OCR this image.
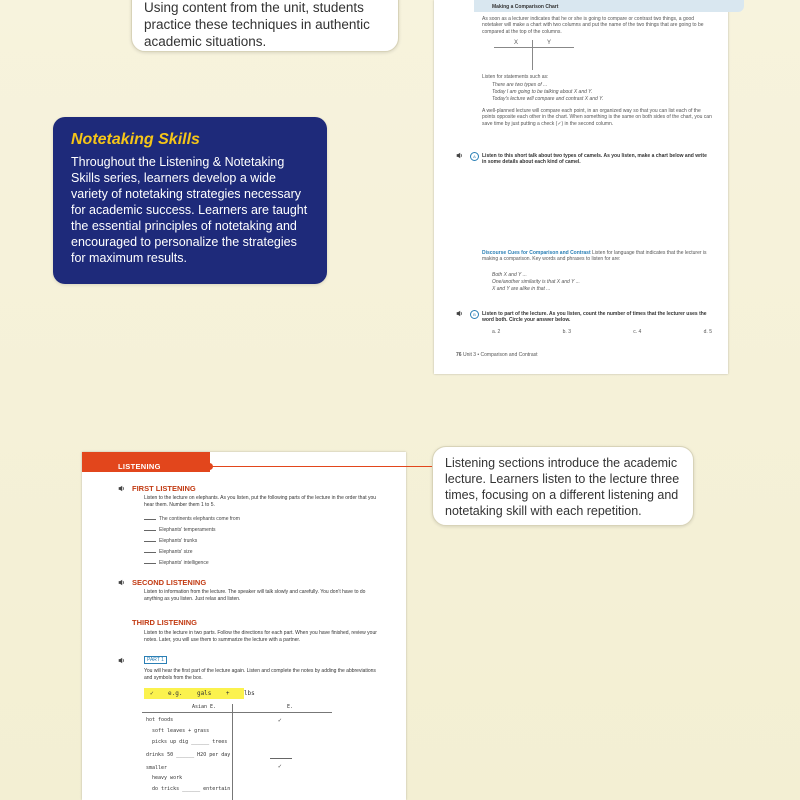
Using content from the unit, students practice these techniques in authentic academic situations.
Notetaking Skills

Throughout the Listening & Notetaking Skills series, learners develop a wide variety of notetaking strategies necessary for academic success. Learners are taught the essential principles of notetaking and encouraged to personalize the strategies for maximum results.

Making a Comparison Chart
As soon as a lecturer indicates that he or she is going to compare or contrast two things, a good notetaker will make a chart with two columns and put the name of the two things that are going to be compared at the top of the columns.
X	Y
Listen for statements such as:
There are two types of ...
Today I am going to be talking about X and Y.
Today's lecture will compare and contrast X and Y.
A well-planned lecture will compare each point, in an organized way so that you can list each of the points opposite each other in the chart. When something is the same on both sides of the chart, you can save time by just putting a check (✓) in the second column.
A	Listen to this short talk about two types of camels. As you listen, make a chart below and write in some details about each kind of camel.
Discourse Cues for Comparison and Contrast Listen for language that indicates that the lecturer is making a comparison. Key words and phrases to listen for are:
Both X and Y ...
One/another similarity is that X and Y ...
X and Y are alike in that ...
B	Listen to part of the lecture. As you listen, count the number of times that the lecturer uses the word both. Circle your answer below.
a. 2	b. 3	c. 4	d. 5
76 Unit 3 • Comparison and Contrast
Listening sections introduce the academic lecture. Learners listen to the lecture three times, focusing on a different listening and notetaking skill with each repetition.
LISTENING
FIRST LISTENING
Listen to the lecture on elephants. As you listen, put the following parts of the lecture in the order that you hear them. Number them 1 to 5.
The continents elephants come from
Elephants' temperaments
Elephants' trunks
Elephants' size
Elephants' intelligence
SECOND LISTENING
Listen to information from the lecture. The speaker will talk slowly and carefully. You don't have to do anything as you listen. Just relax and listen.
THIRD LISTENING
Listen to the lecture in two parts. Follow the directions for each part. When you have finished, review your notes. Later, you will use them to summarize the lecture with a partner.
PART 1
You will hear the first part of the lecture again. Listen and complete the notes by adding the abbreviations and symbols from the box.
✓    e.g.    gals    +    lbs
Asian E.	E.
hot foods	✓
soft leaves + grass
picks up dig ______ trees
drinks 50 ______ H2O per day
smaller	✓
heavy work
do tricks ______ entertain
